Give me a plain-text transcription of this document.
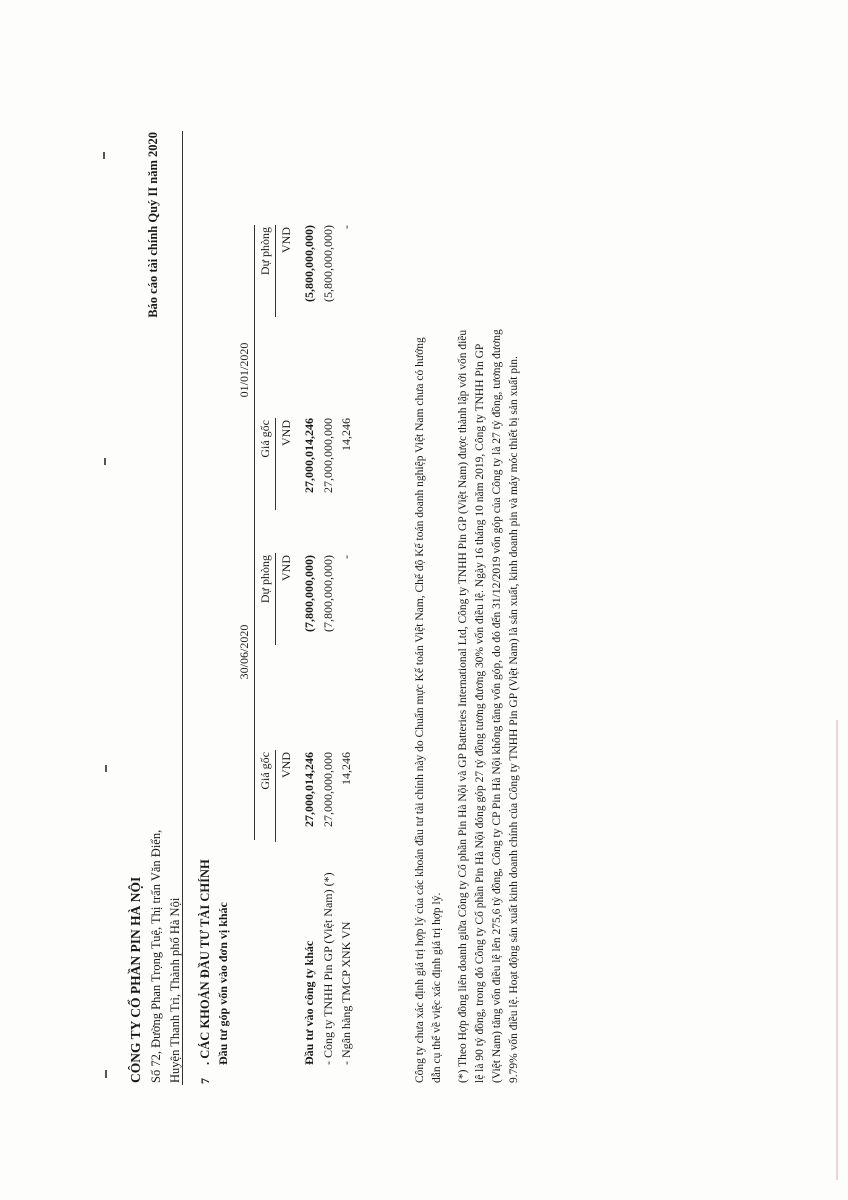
CÔNG TY CỔ PHẦN PIN HÀ NỘI Số 72, Đường Phan Trọng Tuệ, Thị trấn Văn Điển, Huyện Thanh Trì, Thành phố Hà Nội
Báo cáo tài chính Quý II năm 2020
7
. CÁC KHOẢN ĐẦU TƯ TÀI CHÍNH Đầu tư góp vốn vào đơn vị khác
30/06/2020
01/01/2020
Giá gốc
Dự phòng
Giá gốc
Dự phòng
VND
VND
VND
VND
Đầu tư vào công ty khác
27,000,014,246
(7,800,000,000)
27,000,014,246
(5,800,000,000)
- Công ty TNHH Pin GP (Việt Nam) (*)
27,000,000,000
(7,800,000,000)
27,000,000,000
(5,800,000,000)
- Ngân hàng TMCP XNK VN
14,246
-
14,246
-
Công ty chưa xác định giá trị hợp lý của các khoản đầu tư tài chính này do Chuẩn mực Kế toán Việt Nam, Chế độ Kế toán doanh nghiệp Việt Nam chưa có hướng dẫn cụ thể về việc xác định giá trị hợp lý. (*) Theo Hợp đồng liên doanh giữa Công ty Cổ phần Pin Hà Nội và GP Batteries International Ltd, Công ty TNHH Pin GP (Việt Nam) được thành lập với vốn điều lệ là 90 tỷ đồng, trong đó Công ty Cổ phần Pin Hà Nội đóng góp 27 tỷ đồng tương đương 30% vốn điều lệ. Ngày 16 tháng 10 năm 2019, Công ty TNHH Pin GP (Việt Nam) tăng vốn điều lệ lên 275,6 tỷ đồng, Công ty CP Pin Hà Nội không tăng vốn góp, do đó đến 31/12/2019 vốn góp của Công ty là 27 tỷ đồng, tương đương 9.79% vốn điều lệ. Hoạt động sản xuất kinh doanh chính của Công ty TNHH Pin GP (Việt Nam) là sản xuất, kinh doanh pin và máy móc thiết bị sản xuất pin.
